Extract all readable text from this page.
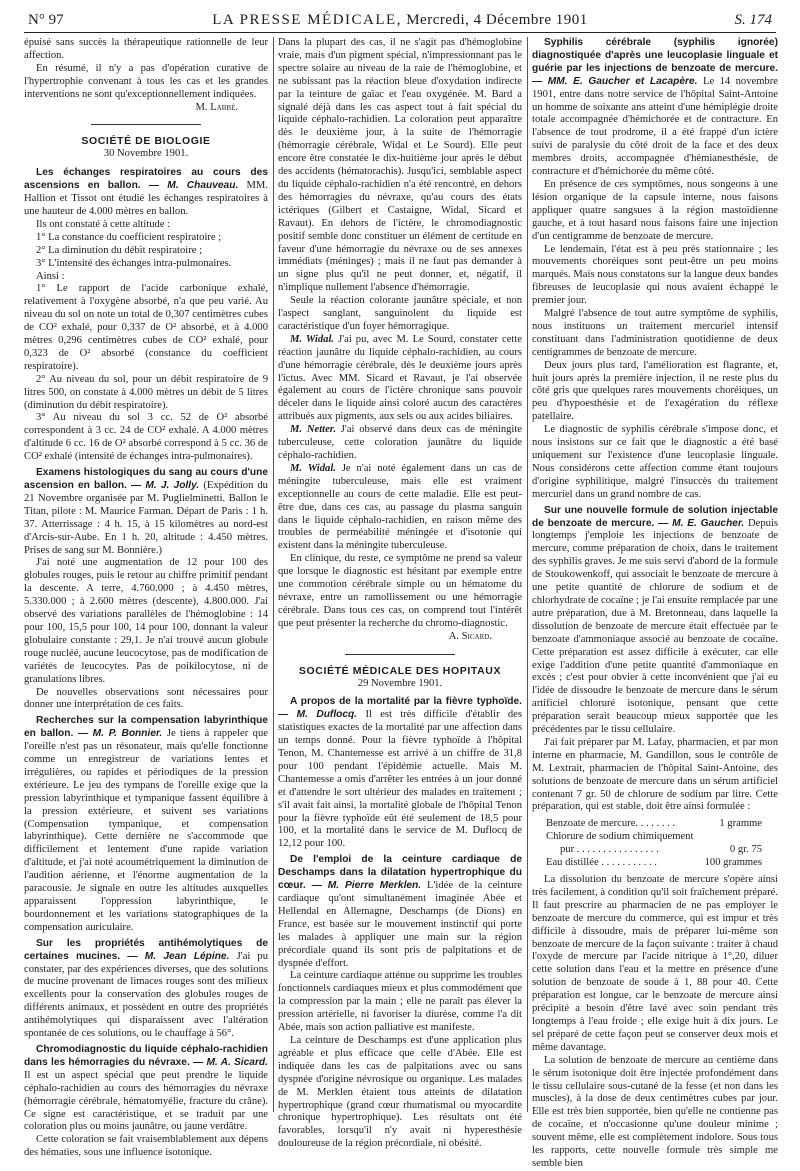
N° 97	LA PRESSE MÉDICALE, Mercredi, 4 Décembre 1901	S. 174

épuisé sans succès la thérapeutique rationnelle de leur affection.

En résumé, il n'y a pas d'opération curative de l'hypertrophie convenant à tous les cas et les grandes interventions ne sont qu'exceptionnellement indiquées.

M. Labbé.

SOCIÉTÉ DE BIOLOGIE
30 Novembre 1901.
Les échanges respiratoires au cours des ascensions en ballon. — M. Chauveau. MM. Hallion et Tissot ont étudié les échanges respiratoires à une hauteur de 4.000 mètres en ballon.

Ils ont constaté à cette altitude :

1° La constance du coefficient respiratoire ;

2° La diminution du débit respiratoire ;

3° L'intensité des échanges intra-pulmonaires.

Ainsi :

1° Le rapport de l'acide carbonique exhalé, relativement à l'oxygène absorbé, n'a que peu varié. Au niveau du sol on note un total de 0,307 centimètres cubes de CO² exhalé, pour 0,337 de O² absorbé, et à 4.000 mètres 0,296 centimètres cubes de CO² exhalé, pour 0,323 de O² absorbé (constance du coefficient respiratoire).

2° Au niveau du sol, pour un débit respiratoire de 9 litres 500, on constate à 4.000 mètres un débit de 5 litres (diminution du débit respiratoire).

3° Au niveau du sol 3 cc. 52 de O² absorbé correspondent à 3 cc. 24 de CO² exhalé. A 4.000 mètres d'altitude 6 cc. 16 de O² absorbé correspond à 5 cc. 36 de CO² exhalé (intensité de échanges intra-pulmonaires).

Examens histologiques du sang au cours d'une ascension en ballon. — M. J. Jolly. (Expédition du 21 Novembre organisée par M. Puglielminetti. Ballon le Titan, pilote : M. Maurice Farman. Départ de Paris : 1 h. 37. Atterrissage : 4 h. 15, à 15 kilomètres au nord-est d'Arcis-sur-Aube. En 1 h. 20, altitude : 4.450 mètres. Prises de sang sur M. Bonnière.)

J'ai noté une augmentation de 12 pour 100 des globules rouges, puis le retour au chiffre primitif pendant la descente. A terre, 4.760.000 ; à 4.450 mètres, 5.330.000 ; à 2.600 mètres (descente), 4.800.000. J'ai observé des variations parallèles de l'hémoglobine : 14 pour 100, 15,5 pour 100, 14 pour 100, donnant la valeur globulaire constante : 29,1. Je n'ai trouvé aucun globule rouge nucléé, aucune leucocytose, pas de modification de variétés de leucocytes. Pas de poikilocytose, ni de granulations libres.

De nouvelles observations sont nécessaires pour donner une interprétation de ces faits.

Recherches sur la compensation labyrinthique en ballon. — M. P. Bonnier. Je tiens à rappeler que l'oreille n'est pas un résonateur, mais qu'elle fonctionne comme un enregistreur de variations lentes et irrégulières, ou rapides et périodiques de la pression extérieure. Le jeu des tympans de l'oreille exige que la pression labyrinthique et tympanique fassent équilibre à la pression extérieure, et suivent ses variations (Compensation tympanique, et compensation labyrinthique). Cette dernière ne s'accommode que difficilement et lentement d'une rapide variation d'altitude, et j'ai noté acoumétriquement la diminution de l'audition aérienne, et l'énorme augmentation de la paracousie. Je signale en outre les altitudes auxquelles apparaissent l'oppression labyrinthique, le bourdonnement et les variations statographiques de la compensation auriculaire.
Sur les propriétés antihémolytiques de certaines mucines. — M. Jean Lépine. J'ai pu constater, par des expériences diverses, que des solutions de mucine provenant de limaces rouges sont des milieux excellents pour la conservation des globules rouges de différents animaux, et possèdent en outre des propriétés antihémolytiques qui disparaissent avec l'altération spontanée de ces solutions, ou le chauffage à 56°.
Chromodiagnostic du liquide céphalo-rachidien dans les hémorragies du névraxe. — M. A. Sicard. Il est un aspect spécial que peut prendre le liquide céphalo-rachidien au cours des hémorragies du névraxe (hémorragie cérébrale, hématomyélie, fracture du crâne). Ce signe est caractéristique, et se traduit par une coloration plus ou moins jaunâtre, ou jaune verdâtre.

Cette coloration se fait vraisemblablement aux dépens des hématies, sous une influence isotonique.

Dans la plupart des cas, il ne s'agit pas d'hémoglobine vraie, mais d'un pigment spécial, n'impressionnant pas le spectre solaire au niveau de la raie de l'hémoglobine, et ne subissant pas la réaction bleue d'oxydation indirecte par la teinture de gaïac et l'eau oxygénée. M. Bard a signalé déjà dans les cas aspect tout à fait spécial du liquide céphalo-rachidien. La coloration peut apparaître dès le deuxième jour, à la suite de l'hémorragie (hémorragie cérébrale, Widal et Le Sourd). Elle peut encore être constatée le dix-huitième jour après le début des accidents (hématorachis). Jusqu'ici, semblable aspect du liquide céphalo-rachidien n'a été rencontré, en dehors des hémorragies du névraxe, qu'au cours des états ictériques (Gilbert et Castaigne, Widal, Sicard et Ravaut). En dehors de l'ictère, le chromodiagnostic positif semble donc constituer un élément de certitude en faveur d'une hémorragie du névraxe ou de ses annexes immédiats (méninges) ; mais il ne faut pas demander à un signe plus qu'il ne peut donner, et, négatif, il n'implique nullement l'absence d'hémorragie.

Seule la réaction colorante jaunâtre spéciale, et non l'aspect sanglant, sanguinolent du liquide est caractéristique d'un foyer hémorragique.

M. Widal. J'ai pu, avec M. Le Sourd, constater cette réaction jaunâtre du liquide céphalo-rachidien, au cours d'une hémorragie cérébrale, dès le deuxième jours après l'ictus. Avec MM. Sicard et Ravaut, je l'ai observée également au cours de l'ictère chronique sans pouvoir déceler dans le liquide ainsi coloré aucun des caractères attribués aux pigments, aux sels ou aux acides biliaires.

M. Netter. J'ai observé dans deux cas de méningite tuberculeuse, cette coloration jaunâtre du liquide céphalo-rachidien.

M. Widal. Je n'ai noté également dans un cas de méningite tuberculeuse, mais elle est vraiment exceptionnelle au cours de cette maladie. Elle est peut-être due, dans ces cas, au passage du plasma sanguin dans le liquide céphalo-rachidien, en raison même des troubles de perméabilité méningée et d'isotonie qui existent dans la méningite tuberculeuse.

En clinique, du reste, ce symptôme ne prend sa valeur que lorsque le diagnostic est hésitant par exemple entre une commotion cérébrale simple ou un hématome du névraxe, entre un ramollissement ou une hémorragie cérébrale. Dans tous ces cas, on comprend tout l'intérêt que peut présenter la recherche du chromo-diagnostic.

A. Sicard.

SOCIÉTÉ MÉDICALE DES HOPITAUX
29 Novembre 1901.
A propos de la mortalité par la fièvre typhoïde. — M. Duflocq. Il est très difficile d'établir des statistiques exactes de la mortalité par une affection dans un temps donné. Pour la fièvre typhoïde à l'hôpital Tenon, M. Chantemesse est arrivé à un chiffre de 31,8 pour 100 pendant l'épidémie actuelle. Mais M. Chantemesse a omis d'arrêter les entrées à un jour donné et d'attendre le sort ultérieur des malades en traitement ; s'il avait fait ainsi, la mortalité globale de l'hôpital Tenon pour la fièvre typhoïde eût été seulement de 18,5 pour 100, et la mortalité dans le service de M. Duflocq de 12,12 pour 100.
De l'emploi de la ceinture cardiaque de Deschamps dans la dilatation hypertrophique du cœur. — M. Pierre Merklen. L'idée de la ceinture cardiaque qu'ont simultanément imaginée Abée et Hellendal en Allemagne, Deschamps (de Dions) en France, est basée sur le mouvement instinctif qui porte les malades à appliquer une main sur la région précordiale quand ils sont pris de palpitations et de dyspnée d'effort.

La ceinture cardiaque atténue ou supprime les troubles fonctionnels cardiaques mieux et plus commodément que la compression par la main ; elle ne paraît pas élever la pression artérielle, ni favoriser la diurèse, comme l'a dit Abée, mais son action palliative est manifeste.

La ceinture de Deschamps est d'une application plus agréable et plus efficace que celle d'Abée. Elle est indiquée dans les cas de palpitations avec ou sans dyspnée d'origine névrosique ou organique. Les malades de M. Merklen étaient tous atteints de dilatation hypertrophique (grand cœur rhumatismal ou myocardite chronique hypertrophique). Les résultats ont été favorables, lorsqu'il n'y avait ni hyperesthésie douloureuse de la région précordiale, ni obésité.

Syphilis cérébrale (syphilis ignorée) diagnostiquée d'après une leucoplasie linguale et guérie par les injections de benzoate de mercure. — MM. E. Gaucher et Lacapère. Le 14 novembre 1901, entre dans notre service de l'hôpital Saint-Antoine un homme de soixante ans atteint d'une hémiplégie droite totale accompagnée d'hémichorée et de contracture. En l'absence de tout prodrome, il a été frappé d'un ictère suivi de paralysie du côté droit de la face et des deux membres droits, accompagnée d'hémianesthésie, de contracture et d'hémichorée du même côté.

En présence de ces symptômes, nous songeons à une lésion organique de la capsule interne, nous faisons appliquer quatre sangsues à la région mastoïdienne gauche, et à tout hasard nous faisons faire une injection d'un centigramme de benzoate de mercure.

Le lendemain, l'état est à peu près stationnaire ; les mouvements choréiques sont peut-être un peu moins marqués. Mais nous constatons sur la langue deux bandes fibreuses de leucoplasie qui nous avaient échappé le premier jour.

Malgré l'absence de tout autre symptôme de syphilis, nous instituons un traitement mercuriel intensif constituant dans l'administration quotidienne de deux centigrammes de benzoate de mercure.

Deux jours plus tard, l'amélioration est flagrante, et, huit jours après la première injection, il ne reste plus du côté gris que quelques rares mouvements choréiques, un peu d'hypoesthésie et de l'exagération du réflexe patellaire.

Le diagnostic de syphilis cérébrale s'impose donc, et nous insistons sur ce fait que le diagnostic a été basé uniquement sur l'existence d'une leucoplasie linguale. Nous considérons cette affection comme étant toujours d'origine syphilitique, malgré l'insuccès du traitement mercuriel dans un grand nombre de cas.

Sur une nouvelle formule de solution injectable de benzoate de mercure. — M. E. Gaucher. Depuis longtemps j'emploie les injections de benzoate de mercure, comme préparation de choix, dans le traitement des syphilis graves. Je me suis servi d'abord de la formule de Stoukowenkoff, qui associait le benzoate de mercure à une petite quantité de chlorure de sodium et de chlorhydrate de cocaïne ; je l'ai ensuite remplacée par une autre préparation, due à M. Bretonneau, dans laquelle la dissolution de benzoate de mercure était effectuée par le benzoate d'ammoniaque associé au benzoate de cocaïne. Cette préparation est assez difficile à exécuter, car elle exige l'addition d'une petite quantité d'ammoniaque en excès ; c'est pour obvier à cette inconvénient que j'ai eu l'idée de dissoudre le benzoate de mercure dans le sérum artificiel chloruré isotonique, pensant que cette préparation serait beaucoup mieux supportée que les précédentes par le tissu cellulaire.

J'ai fait préparer par M. Lafay, pharmacien, et par mon interne en pharmacie, M. Gandillon, sous le contrôle de M. Lextrait, pharmacien de l'hôpital Saint-Antoine, des solutions de benzoate de mercure dans un sérum artificiel contenant 7 gr. 50 de chlorure de sodium par litre. Cette préparation, qui est stable, doit être ainsi formulée :

Benzoate de mercure. . . . . . . .	1 gramme
Chlorure de sodium chimiquement
pur . . . . . . . . . . . . . . . .	0 gr. 75
Eau distillée . . . . . . . . . . .	100 grammes

La dissolution du benzoate de mercure s'opère ainsi très facilement, à condition qu'il soit fraîchement préparé. Il faut prescrire au pharmacien de ne pas employer le benzoate de mercure du commerce, qui est impur et très difficile à dissoudre, mais de préparer lui-même son benzoate de mercure de la façon suivante : traiter à chaud l'oxyde de mercure par l'acide nitrique à 1°,20, diluer cette solution dans l'eau et la mettre en présence d'une solution de benzoate de soude à 1, 88 pour 40. Cette préparation est longue, car le benzoate de mercure ainsi précipité a besoin d'être lavé avec soin pendant très longtemps à l'eau froide ; elle exige huit à dix jours. Le sel préparé de cette façon peut se conserver deux mois et même davantage.

La solution de benzoate de mercure au centième dans le sérum isotonique doit être injectée profondément dans le tissu cellulaire sous-cutané de la fesse (et non dans les muscles), à la dose de deux centimètres cubes par jour. Elle est très bien supportée, bien qu'elle ne contienne pas de cocaïne, et n'occasionne qu'une douleur minime ; souvent même, elle est complètement indolore. Sous tous les rapports, cette nouvelle formule très simple me semble bien
